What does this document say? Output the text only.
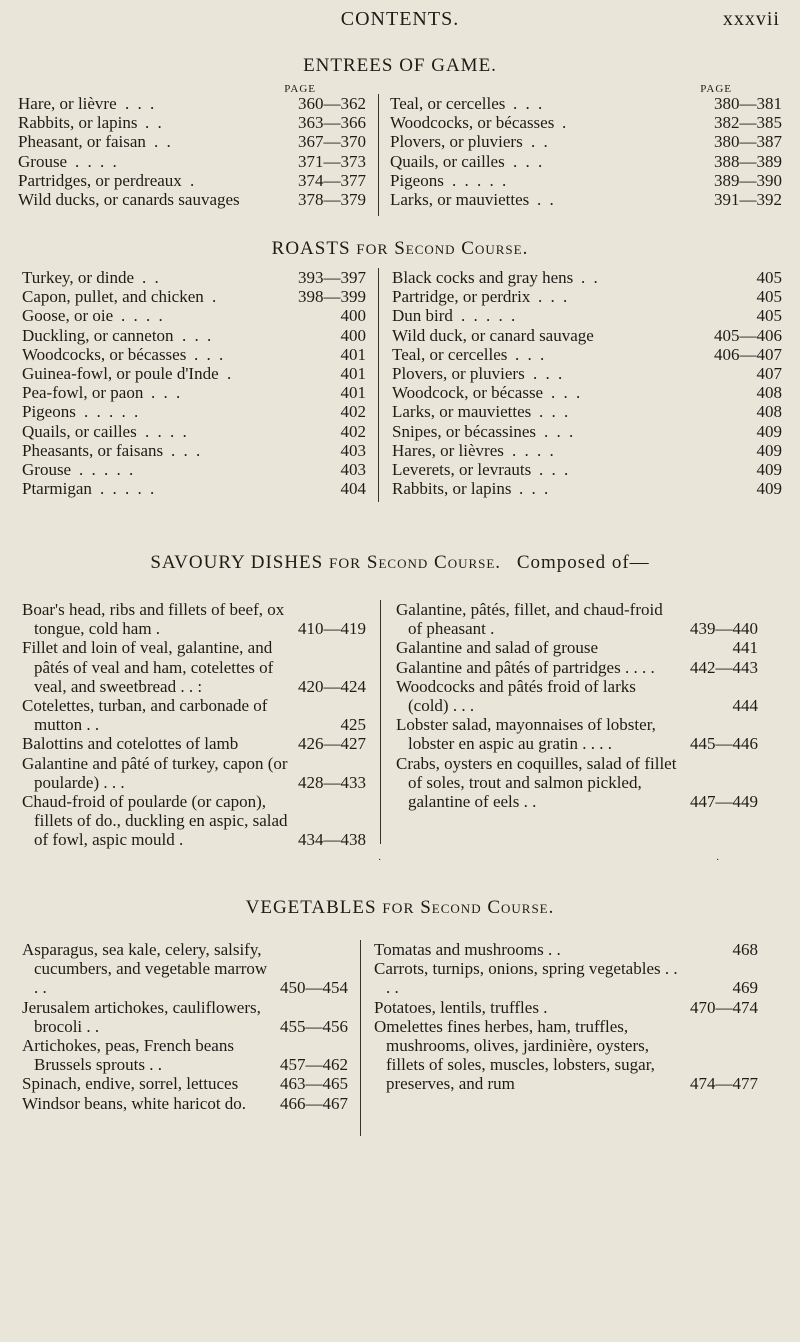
CONTENTS.	xxxvii
ENTREES OF GAME.
PAGE
Hare, or lièvre . . .	360—362
Rabbits, or lapins . .	363—366
Pheasant, or faisan . .	367—370
Grouse . . . .	371—373
Partridges, or perdreaux .	374—377
Wild ducks, or canards sauvages	378—379
PAGE
Teal, or cercelles . . .	380—381
Woodcocks, or bécasses .	382—385
Plovers, or pluviers . .	380—387
Quails, or cailles . . .	388—389
Pigeons . . . . .	389—390
Larks, or mauviettes . .	391—392
ROASTS FOR Second Course.
Turkey, or dinde . .	393—397
Capon, pullet, and chicken .	398—399
Goose, or oie . . . .	400
Duckling, or canneton . . .	400
Woodcocks, or bécasses . . .	401
Guinea-fowl, or poule d'Inde .	401
Pea-fowl, or paon . . .	401
Pigeons . . . . .	402
Quails, or cailles . . . .	402
Pheasants, or faisans . . .	403
Grouse . . . . .	403
Ptarmigan . . . . .	404
Black cocks and gray hens . .	405
Partridge, or perdrix . . .	405
Dun bird . . . . .	405
Wild duck, or canard sauvage	405—406
Teal, or cercelles . . .	406—407
Plovers, or pluviers . . .	407
Woodcock, or bécasse . . .	408
Larks, or mauviettes . . .	408
Snipes, or bécassines . . .	409
Hares, or lièvres . . . .	409
Leverets, or levrauts . . .	409
Rabbits, or lapins . . .	409
SAVOURY DISHES FOR Second Course. Composed of—
Boar's head, ribs and fillets of beef, ox tongue, cold ham .	410—419
Fillet and loin of veal, galantine, and pâtés of veal and ham, cotelettes of veal, and sweetbread . . :	420—424
Cotelettes, turban, and carbonade of mutton . .	425
Balottins and cotelottes of lamb	426—427
Galantine and pâté of turkey, capon (or poularde) . . .	428—433
Chaud-froid of poularde (or capon), fillets of do., duckling en aspic, salad of fowl, aspic mould .	434—438
Galantine, pâtés, fillet, and chaud-froid of pheasant .	439—440
Galantine and salad of grouse	441
Galantine and pâtés of partridges . . . .	442—443
Woodcocks and pâtés froid of larks (cold) . . .	444
Lobster salad, mayonnaises of lobster, lobster en aspic au gratin . . . .	445—446
Crabs, oysters en coquilles, salad of fillet of soles, trout and salmon pickled, galantine of eels . .	447—449
·	·
VEGETABLES FOR Second Course.
Asparagus, sea kale, celery, salsify, cucumbers, and vegetable marrow . .	450—454
Jerusalem artichokes, cauliflowers, brocoli . .	455—456
Artichokes, peas, French beans Brussels sprouts . .	457—462
Spinach, endive, sorrel, lettuces	463—465
Windsor beans, white haricot do.	466—467
Tomatas and mushrooms . .	468
Carrots, turnips, onions, spring vegetables . . . .	469
Potatoes, lentils, truffles .	470—474
Omelettes fines herbes, ham, truffles, mushrooms, olives, jardinière, oysters, fillets of soles, muscles, lobsters, sugar, preserves, and rum	474—477
